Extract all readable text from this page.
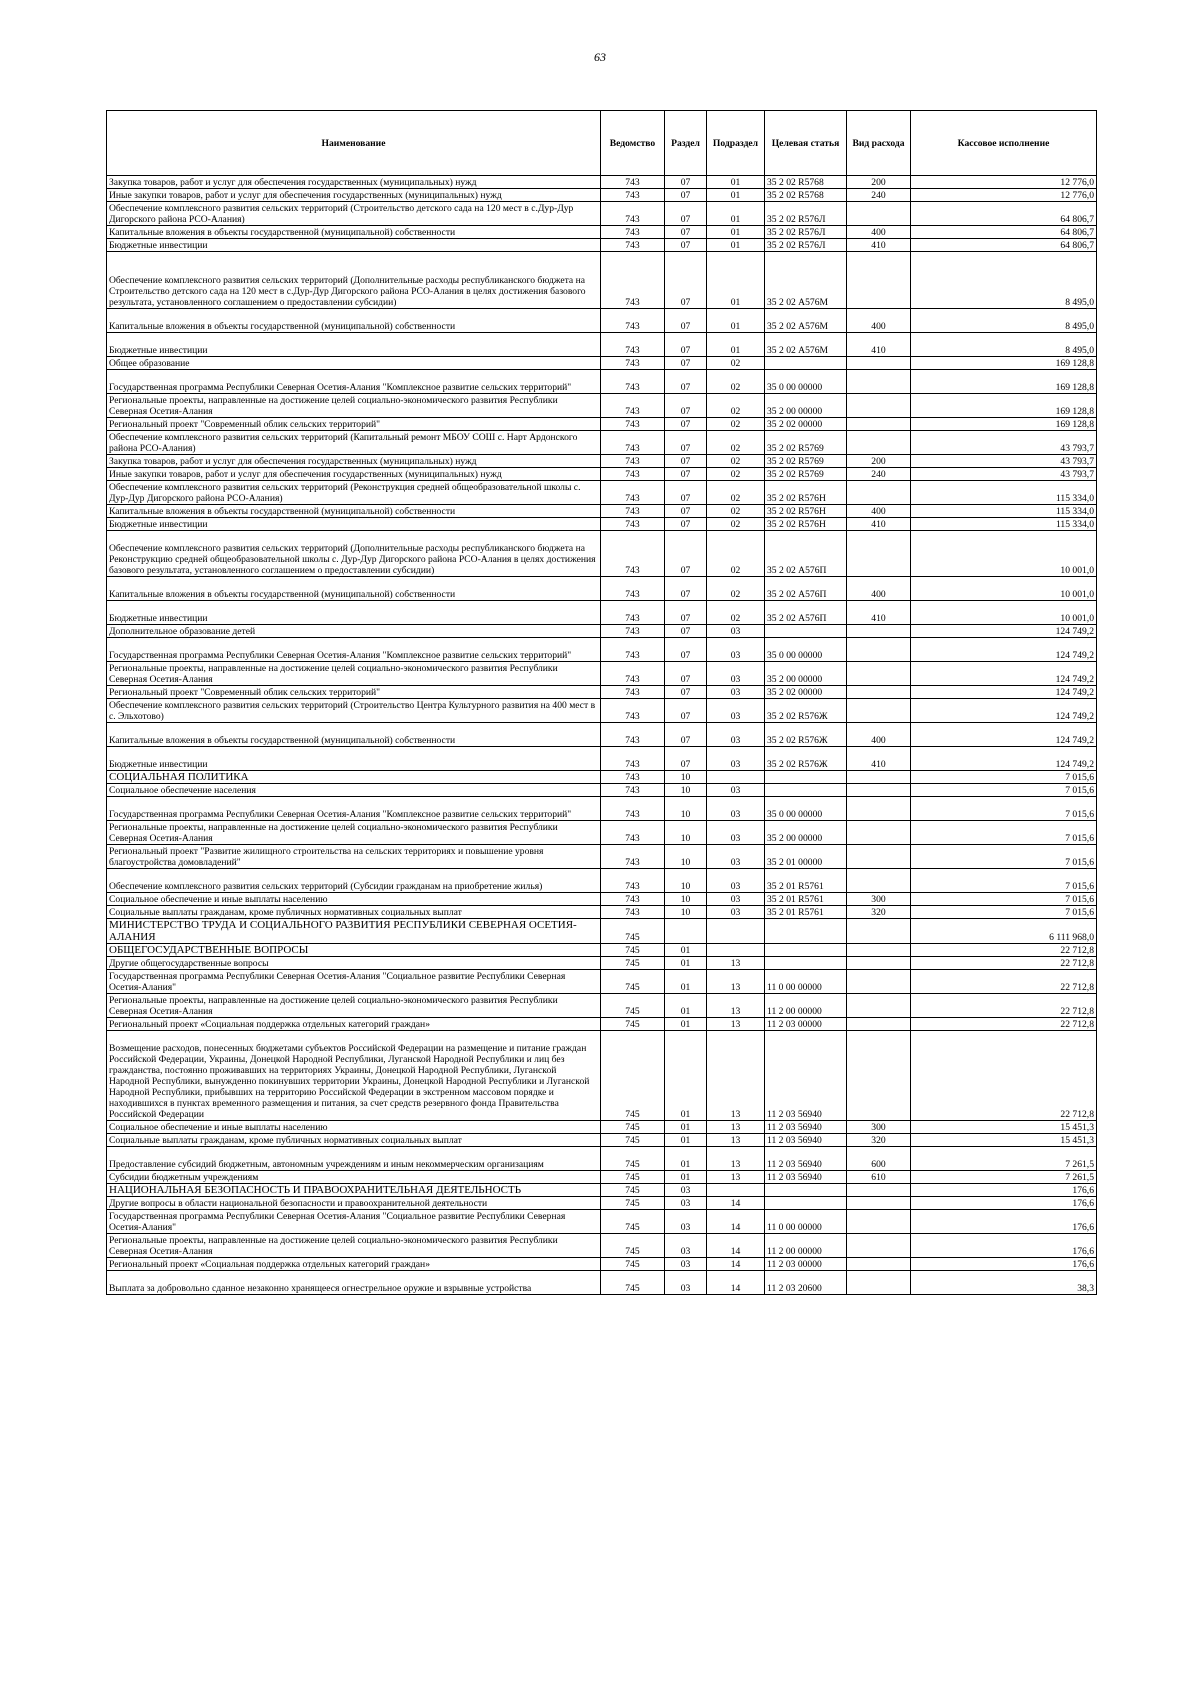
63
Наименование	Ведомство	Раздел	Подраздел	Целевая статья	Вид расхода	Кассовое исполнение
Закупка товаров, работ и услуг для обеспечения государственных (муниципальных) нужд	743	07	01	35 2 02 R5768	200	12 776,0
Иные закупки товаров, работ и услуг для обеспечения государственных (муниципальных) нужд	743	07	01	35 2 02 R5768	240	12 776,0
Обеспечение комплексного развития сельских территорий (Строительство детского сада на 120 мест в с.Дур-Дур Дигорского района РСО-Алания)	743	07	01	35 2 02 R576Л		64 806,7
Капитальные вложения в объекты государственной (муниципальной) собственности	743	07	01	35 2 02 R576Л	400	64 806,7
Бюджетные инвестиции	743	07	01	35 2 02 R576Л	410	64 806,7
Обеспечение комплексного развития сельских территорий (Дополнительные расходы республиканского бюджета на Строительство детского сада на 120 мест в с.Дур-Дур Дигорского района РСО-Алания в целях достижения базового результата, установленного соглашением о предоставлении субсидии)	743	07	01	35 2 02 А576М		8 495,0
Капитальные вложения в объекты государственной (муниципальной) собственности	743	07	01	35 2 02 А576М	400	8 495,0
Бюджетные инвестиции	743	07	01	35 2 02 А576М	410	8 495,0
Общее образование	743	07	02			169 128,8
Государственная программа Республики Северная Осетия-Алания "Комплексное развитие сельских территорий"	743	07	02	35 0 00 00000		169 128,8
Региональные проекты, направленные на достижение целей социально-экономического развития Республики Северная Осетия-Алания	743	07	02	35 2 00 00000		169 128,8
Региональный проект "Современный облик сельских территорий"	743	07	02	35 2 02 00000		169 128,8
Обеспечение комплексного развития сельских территорий (Капитальный ремонт МБОУ СОШ с. Нарт Ардонского района РСО-Алания)	743	07	02	35 2 02 R5769		43 793,7
Закупка товаров, работ и услуг для обеспечения государственных (муниципальных) нужд	743	07	02	35 2 02 R5769	200	43 793,7
Иные закупки товаров, работ и услуг для обеспечения государственных (муниципальных) нужд	743	07	02	35 2 02 R5769	240	43 793,7
Обеспечение комплексного развития сельских территорий (Реконструкция средней общеобразовательной школы с. Дур-Дур Дигорского района РСО-Алания)	743	07	02	35 2 02 R576Н		115 334,0
Капитальные вложения в объекты государственной (муниципальной) собственности	743	07	02	35 2 02 R576Н	400	115 334,0
Бюджетные инвестиции	743	07	02	35 2 02 R576Н	410	115 334,0
Обеспечение комплексного развития сельских территорий (Дополнительные расходы республиканского бюджета на Реконструкцию средней общеобразовательной школы с. Дур-Дур Дигорского района РСО-Алания в целях достижения базового результата, установленного соглашением о предоставлении субсидии)	743	07	02	35 2 02 А576П		10 001,0
Капитальные вложения в объекты государственной (муниципальной) собственности	743	07	02	35 2 02 А576П	400	10 001,0
Бюджетные инвестиции	743	07	02	35 2 02 А576П	410	10 001,0
Дополнительное образование детей	743	07	03			124 749,2
Государственная программа Республики Северная Осетия-Алания "Комплексное развитие сельских территорий"	743	07	03	35 0 00 00000		124 749,2
Региональные проекты, направленные на достижение целей социально-экономического развития Республики Северная Осетия-Алания	743	07	03	35 2 00 00000		124 749,2
Региональный проект "Современный облик сельских территорий"	743	07	03	35 2 02 00000		124 749,2
Обеспечение комплексного развития сельских территорий (Строительство Центра Культурного развития на 400 мест в с. Эльхотово)	743	07	03	35 2 02 R576Ж		124 749,2
Капитальные вложения в объекты государственной (муниципальной) собственности	743	07	03	35 2 02 R576Ж	400	124 749,2
Бюджетные инвестиции	743	07	03	35 2 02 R576Ж	410	124 749,2
СОЦИАЛЬНАЯ ПОЛИТИКА	743	10				7 015,6
Социальное обеспечение населения	743	10	03			7 015,6
Государственная программа Республики Северная Осетия-Алания "Комплексное развитие сельских территорий"	743	10	03	35 0 00 00000		7 015,6
Региональные проекты, направленные на достижение целей социально-экономического развития Республики Северная Осетия-Алания	743	10	03	35 2 00 00000		7 015,6
Региональный проект "Развитие жилищного строительства на сельских территориях и повышение уровня благоустройства домовладений"	743	10	03	35 2 01 00000		7 015,6
Обеспечение комплексного развития сельских территорий (Субсидии гражданам на приобретение жилья)	743	10	03	35 2 01 R5761		7 015,6
Социальное обеспечение и иные выплаты населению	743	10	03	35 2 01 R5761	300	7 015,6
Социальные выплаты гражданам, кроме публичных нормативных социальных выплат	743	10	03	35 2 01 R5761	320	7 015,6
МИНИСТЕРСТВО ТРУДА И СОЦИАЛЬНОГО РАЗВИТИЯ РЕСПУБЛИКИ СЕВЕРНАЯ ОСЕТИЯ-АЛАНИЯ	745					6 111 968,0
ОБЩЕГОСУДАРСТВЕННЫЕ ВОПРОСЫ	745	01				22 712,8
Другие общегосударственные вопросы	745	01	13			22 712,8
Государственная программа Республики Северная Осетия-Алания "Социальное развитие Республики Северная Осетия-Алания"	745	01	13	11 0 00 00000		22 712,8
Региональные проекты, направленные на достижение целей социально-экономического развития Республики Северная Осетия-Алания	745	01	13	11 2 00 00000		22 712,8
Региональный проект «Социальная поддержка отдельных категорий граждан»	745	01	13	11 2 03 00000		22 712,8
Возмещение расходов, понесенных бюджетами субъектов Российской Федерации на размещение и питание граждан Российской Федерации, Украины, Донецкой Народной Республики, Луганской Народной Республики и лиц без гражданства, постоянно проживавших на территориях Украины, Донецкой Народной Республики, Луганской Народной Республики, вынужденно покинувших территории Украины, Донецкой Народной Республики и Луганской Народной Республики, прибывших на территорию Российской Федерации в экстренном массовом порядке и находившихся в пунктах временного размещения и питания, за счет средств резервного фонда Правительства Российской Федерации	745	01	13	11 2 03 56940		22 712,8
Социальное обеспечение и иные выплаты населению	745	01	13	11 2 03 56940	300	15 451,3
Социальные выплаты гражданам, кроме публичных нормативных социальных выплат	745	01	13	11 2 03 56940	320	15 451,3
Предоставление субсидий бюджетным, автономным учреждениям и иным некоммерческим организациям	745	01	13	11 2 03 56940	600	7 261,5
Субсидии бюджетным учреждениям	745	01	13	11 2 03 56940	610	7 261,5
НАЦИОНАЛЬНАЯ БЕЗОПАСНОСТЬ И ПРАВООХРАНИТЕЛЬНАЯ ДЕЯТЕЛЬНОСТЬ	745	03				176,6
Другие вопросы в области национальной безопасности и правоохранительной деятельности	745	03	14			176,6
Государственная программа Республики Северная Осетия-Алания "Социальное развитие Республики Северная Осетия-Алания"	745	03	14	11 0 00 00000		176,6
Региональные проекты, направленные на достижение целей социально-экономического развития Республики Северная Осетия-Алания	745	03	14	11 2 00 00000		176,6
Региональный проект «Социальная поддержка отдельных категорий граждан»	745	03	14	11 2 03 00000		176,6
Выплата за добровольно сданное незаконно хранящееся огнестрельное оружие и взрывные устройства	745	03	14	11 2 03 20600		38,3
